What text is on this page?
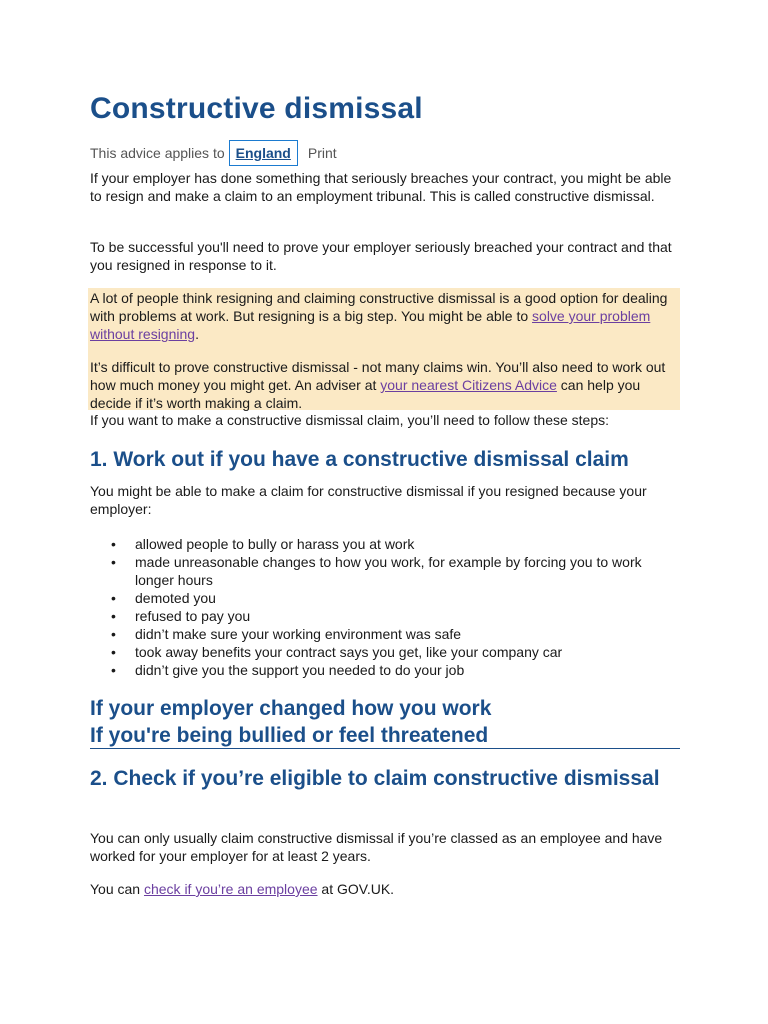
Constructive dismissal
This advice applies to England	Print

If your employer has done something that seriously breaches your contract, you might be able to resign and make a claim to an employment tribunal. This is called constructive dismissal.

To be successful you'll need to prove your employer seriously breached your contract and that you resigned in response to it.

A lot of people think resigning and claiming constructive dismissal is a good option for dealing with problems at work. But resigning is a big step. You might be able to solve your problem without resigning.

It’s difficult to prove constructive dismissal - not many claims win. You’ll also need to work out how much money you might get. An adviser at your nearest Citizens Advice can help you decide if it’s worth making a claim.

If you want to make a constructive dismissal claim, you’ll need to follow these steps:

1. Work out if you have a constructive dismissal claim

You might be able to make a claim for constructive dismissal if you resigned because your employer:

• allowed people to bully or harass you at work
• made unreasonable changes to how you work, for example by forcing you to work longer hours
• demoted you
• refused to pay you
• didn’t make sure your working environment was safe
• took away benefits your contract says you get, like your company car
• didn’t give you the support you needed to do your job
If your employer changed how you work
If you're being bullied or feel threatened
2. Check if you’re eligible to claim constructive dismissal

You can only usually claim constructive dismissal if you’re classed as an employee and have worked for your employer for at least 2 years.

You can check if you’re an employee at GOV.UK.
